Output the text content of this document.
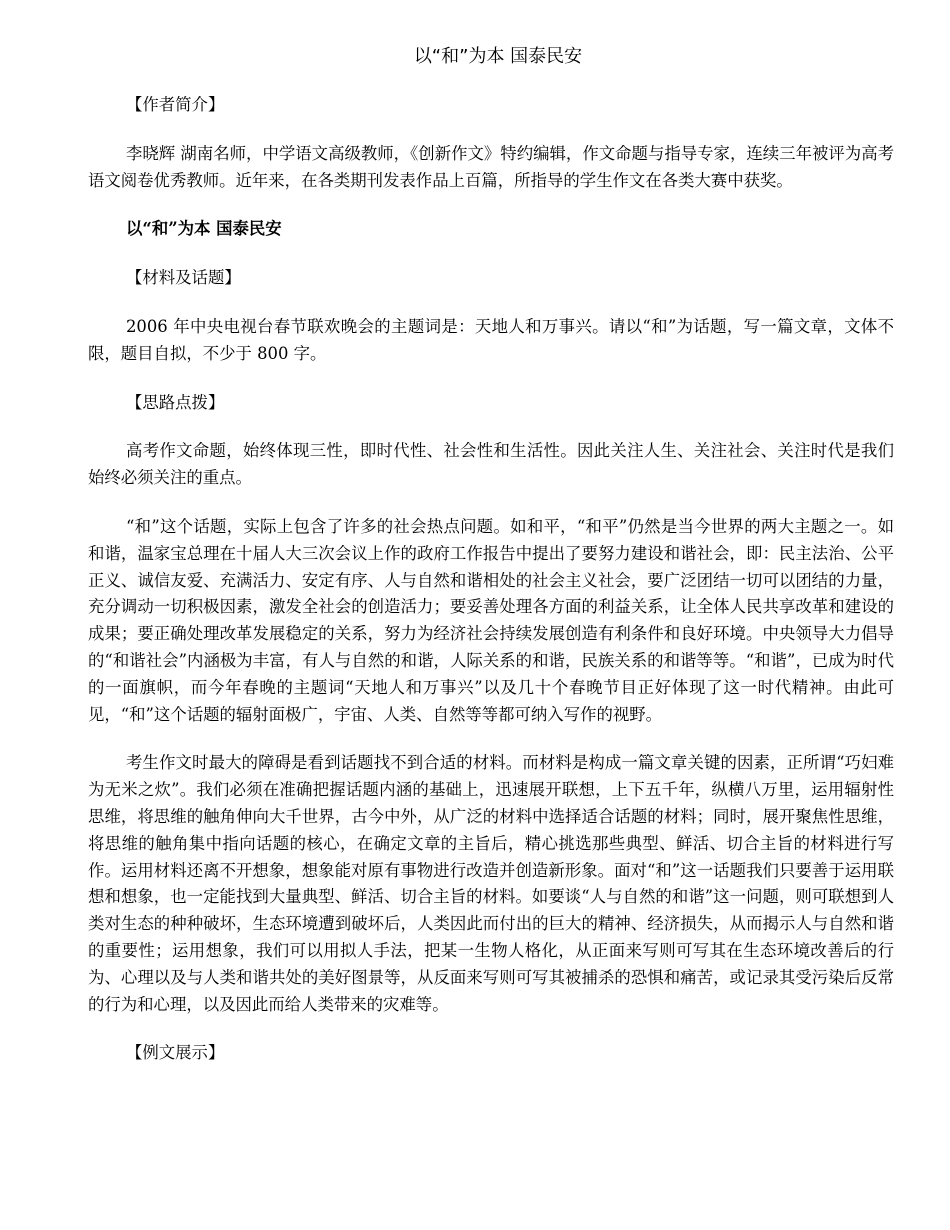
以“和”为本 国泰民安
【作者简介】
李晓辉 湖南名师，中学语文高级教师，《创新作文》特约编辑，作文命题与指导专家，连续三年被评为高考语文阅卷优秀教师。近年来，在各类期刊发表作品上百篇，所指导的学生作文在各类大赛中获奖。
以“和”为本 国泰民安
【材料及话题】
2006 年中央电视台春节联欢晚会的主题词是：天地人和万事兴。请以“和”为话题，写一篇文章，文体不限，题目自拟，不少于 800 字。
【思路点拨】
高考作文命题，始终体现三性，即时代性、社会性和生活性。因此关注人生、关注社会、关注时代是我们始终必须关注的重点。
“和”这个话题，实际上包含了许多的社会热点问题。如和平，“和平”仍然是当今世界的两大主题之一。如和谐，温家宝总理在十届人大三次会议上作的政府工作报告中提出了要努力建设和谐社会，即：民主法治、公平正义、诚信友爱、充满活力、安定有序、人与自然和谐相处的社会主义社会，要广泛团结一切可以团结的力量，充分调动一切积极因素，激发全社会的创造活力；要妥善处理各方面的利益关系，让全体人民共享改革和建设的成果；要正确处理改革发展稳定的关系，努力为经济社会持续发展创造有利条件和良好环境。中央领导大力倡导的“和谐社会”内涵极为丰富，有人与自然的和谐，人际关系的和谐，民族关系的和谐等等。“和谐”，已成为时代的一面旗帜，而今年春晚的主题词“天地人和万事兴”以及几十个春晚节目正好体现了这一时代精神。由此可见，“和”这个话题的辐射面极广，宇宙、人类、自然等等都可纳入写作的视野。
考生作文时最大的障碍是看到话题找不到合适的材料。而材料是构成一篇文章关键的因素，正所谓“巧妇难为无米之炊”。我们必须在准确把握话题内涵的基础上，迅速展开联想，上下五千年，纵横八万里，运用辐射性思维，将思维的触角伸向大千世界，古今中外，从广泛的材料中选择适合话题的材料；同时，展开聚焦性思维，将思维的触角集中指向话题的核心，在确定文章的主旨后，精心挑选那些典型、鲜活、切合主旨的材料进行写作。运用材料还离不开想象，想象能对原有事物进行改造并创造新形象。面对“和”这一话题我们只要善于运用联想和想象，也一定能找到大量典型、鲜活、切合主旨的材料。如要谈“人与自然的和谐”这一问题，则可联想到人类对生态的种种破坏，生态环境遭到破坏后，人类因此而付出的巨大的精神、经济损失，从而揭示人与自然和谐的重要性；运用想象，我们可以用拟人手法，把某一生物人格化，从正面来写则可写其在生态环境改善后的行为、心理以及与人类和谐共处的美好图景等，从反面来写则可写其被捕杀的恐惧和痛苦，或记录其受污染后反常的行为和心理，以及因此而给人类带来的灾难等。
【例文展示】
